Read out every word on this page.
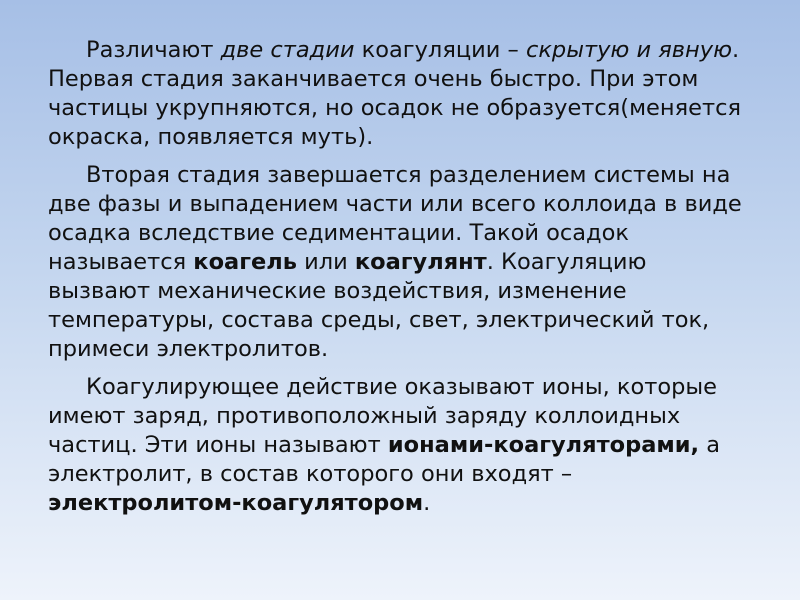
Различают две стадии коагуляции – скрытую и явную. Первая стадия заканчивается очень быстро. При этом частицы укрупняются, но осадок не образуется(меняется окраска, появляется муть).

Вторая стадия завершается разделением системы на две фазы и выпадением части или всего коллоида в виде осадка вследствие седиментации. Такой осадок называется коагель или коагулянт. Коагуляцию вызвают механические воздействия, изменение температуры, состава среды, свет, электрический ток, примеси электролитов.

Коагулирующее действие оказывают ионы, которые имеют заряд, противоположный заряду коллоидных частиц. Эти ионы называют ионами-коагуляторами, а электролит, в состав которого они входят – электролитом-коагулятором.
